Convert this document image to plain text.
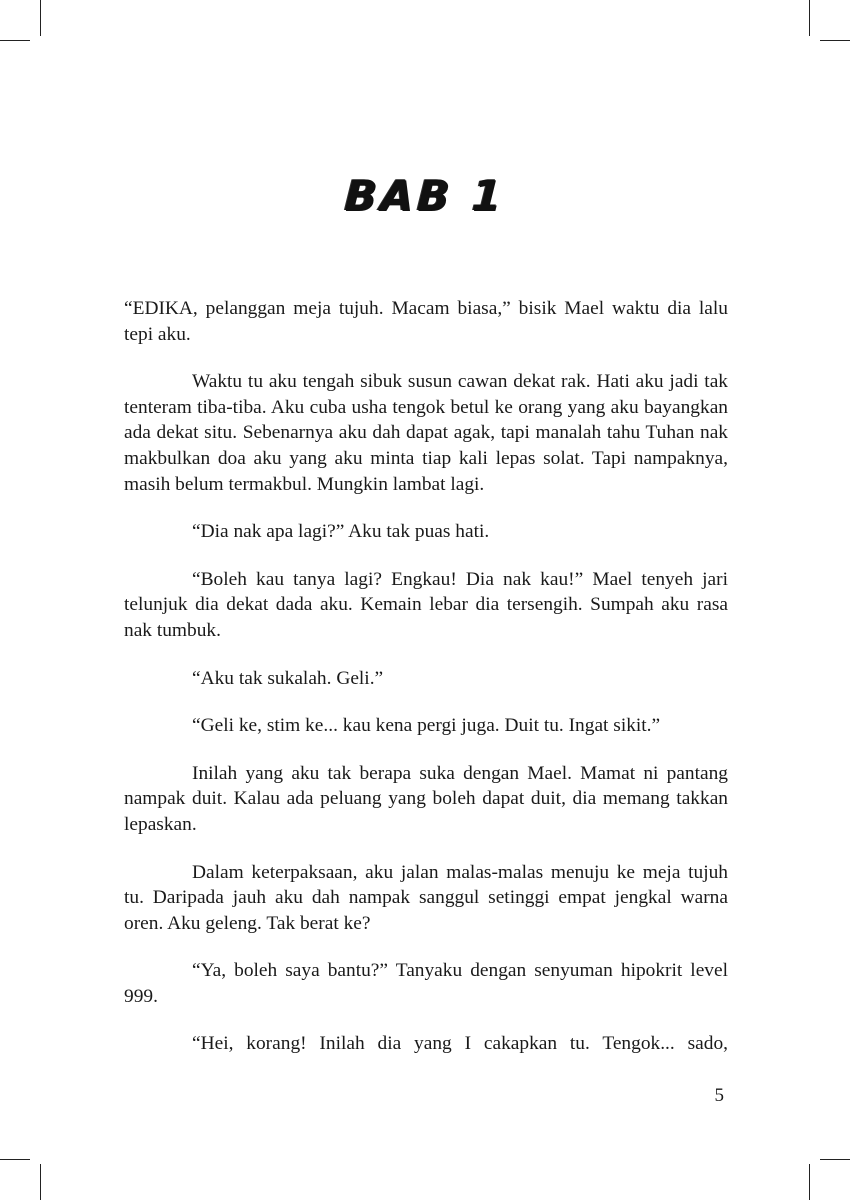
BAB 1

“EDIKA, pelanggan meja tujuh. Macam biasa,” bisik Mael waktu dia lalu tepi aku.

Waktu tu aku tengah sibuk susun cawan dekat rak. Hati aku jadi tak tenteram tiba-tiba. Aku cuba usha tengok betul ke orang yang aku bayangkan ada dekat situ. Sebenarnya aku dah dapat agak, tapi manalah tahu Tuhan nak makbulkan doa aku yang aku minta tiap kali lepas solat. Tapi nampaknya, masih belum termakbul. Mungkin lambat lagi.

“Dia nak apa lagi?” Aku tak puas hati.

“Boleh kau tanya lagi? Engkau! Dia nak kau!” Mael tenyeh jari telunjuk dia dekat dada aku. Kemain lebar dia tersengih. Sumpah aku rasa nak tumbuk.

“Aku tak sukalah. Geli.”

“Geli ke, stim ke... kau kena pergi juga. Duit tu. Ingat sikit.”

Inilah yang aku tak berapa suka dengan Mael. Mamat ni pantang nampak duit. Kalau ada peluang yang boleh dapat duit, dia memang takkan lepaskan.

Dalam keterpaksaan, aku jalan malas-malas menuju ke meja tujuh tu. Daripada jauh aku dah nampak sanggul setinggi empat jengkal warna oren. Aku geleng. Tak berat ke?

“Ya, boleh saya bantu?” Tanyaku dengan senyuman hipokrit level 999.

“Hei, korang! Inilah dia yang I cakapkan tu. Tengok... sado,

5
